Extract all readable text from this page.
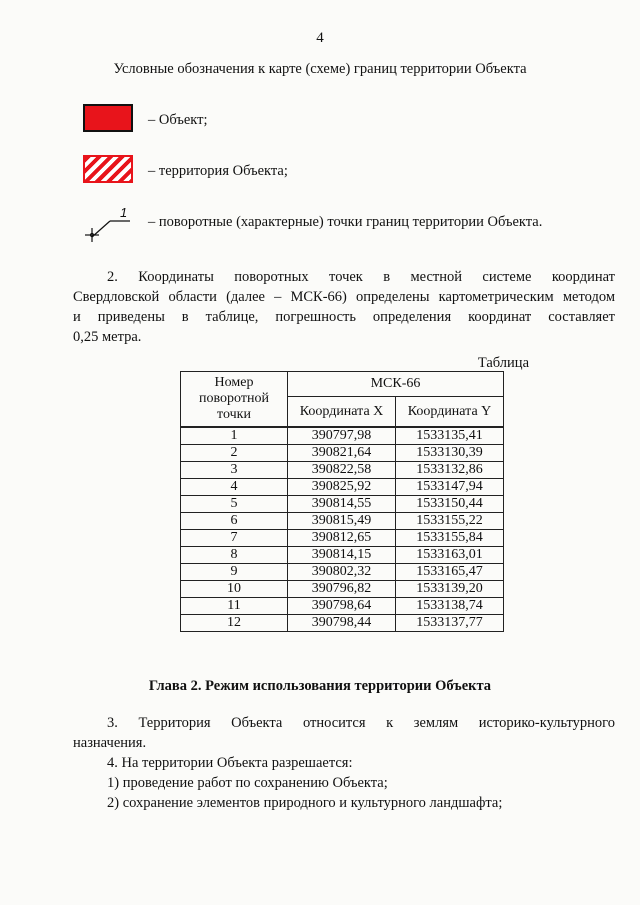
4
Условные обозначения к карте (схеме) границ территории Объекта
– Объект;
– территория Объекта;
1
– поворотные (характерные) точки границ территории Объекта.
2. Координаты поворотных точек в местной системе координат
Свердловской области (далее – МСК-66) определены картометрическим методом
и приведены в таблице, погрешность определения координат составляет
0,25 метра.
Таблица
Номер поворотной точки	МСК-66	
	Координата X	Координата Y

1	390797,98	1533135,41
2	390821,64	1533130,39
3	390822,58	1533132,86
4	390825,92	1533147,94
5	390814,55	1533150,44
6	390815,49	1533155,22
7	390812,65	1533155,84
8	390814,15	1533163,01
9	390802,32	1533165,47
10	390796,82	1533139,20
11	390798,64	1533138,74
12	390798,44	1533137,77
Глава 2. Режим использования территории Объекта
3. Территория Объекта относится к землям историко-культурного
назначения.
4. На территории Объекта разрешается:
1) проведение работ по сохранению Объекта;
2) сохранение элементов природного и культурного ландшафта;
